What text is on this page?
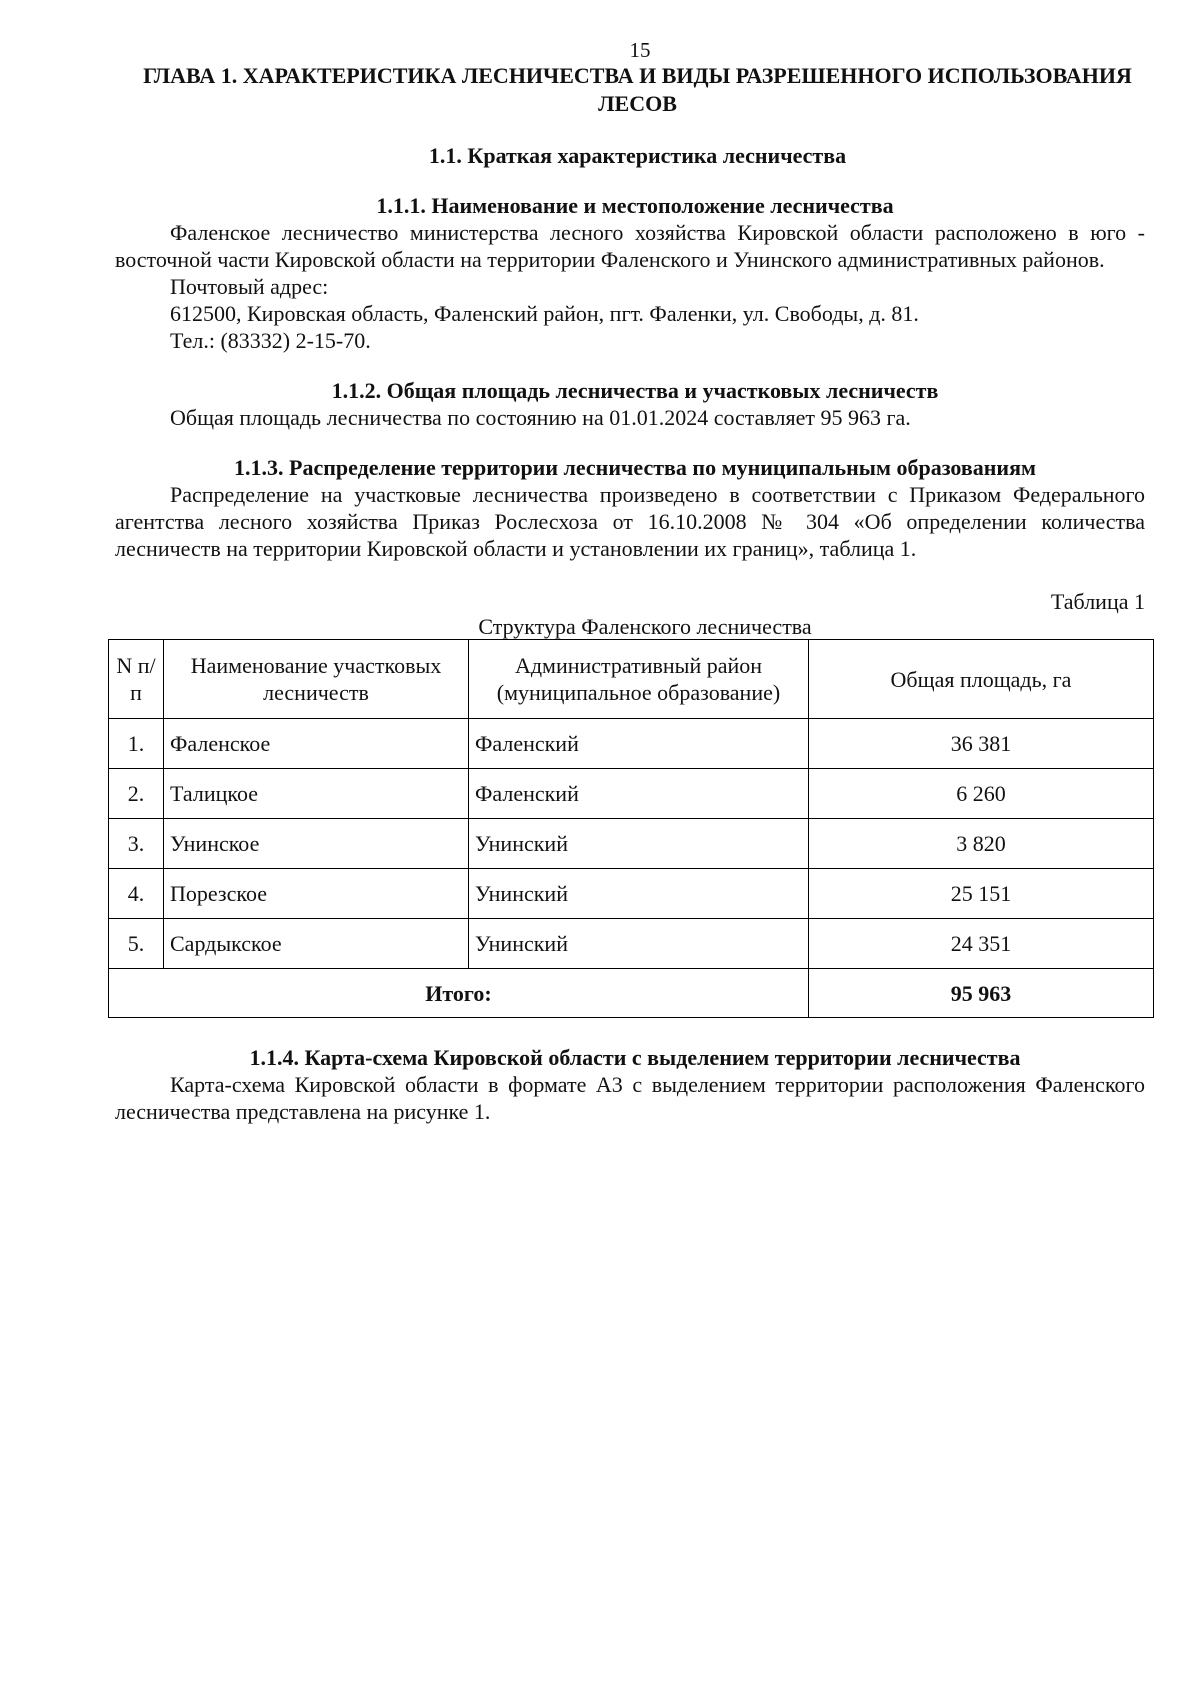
15
ГЛАВА 1. ХАРАКТЕРИСТИКА ЛЕСНИЧЕСТВА И ВИДЫ РАЗРЕШЕННОГО ИСПОЛЬЗОВАНИЯ ЛЕСОВ
1.1. Краткая характеристика лесничества
1.1.1. Наименование и местоположение лесничества
Фаленское лесничество министерства лесного хозяйства Кировской области расположено в юго - восточной части Кировской области на территории Фаленского и Унинского административных районов.
Почтовый адрес:
612500, Кировская область, Фаленский район, пгт. Фаленки, ул. Свободы, д. 81.
Тел.: (83332) 2-15-70.
1.1.2. Общая площадь лесничества и участковых лесничеств
Общая площадь лесничества по состоянию на 01.01.2024 составляет 95 963 га.
1.1.3. Распределение территории лесничества по муниципальным образованиям
Распределение на участковые лесничества произведено в соответствии с Приказом Федерального агентства лесного хозяйства Приказ Рослесхоза от 16.10.2008 № 304 «Об определении количества лесничеств на территории Кировской области и установлении их границ», таблица 1.
Таблица 1
Структура Фаленского лесничества
N п/п	Наименование участковых лесничеств	Административный район (муниципальное образование)	Общая площадь, га
1.	Фаленское	Фаленский	36 381
2.	Талицкое	Фаленский	6 260
3.	Унинское	Унинский	3 820
4.	Порезское	Унинский	25 151
5.	Сардыкское	Унинский	24 351
Итого:			95 963
1.1.4. Карта-схема Кировской области с выделением территории лесничества
Карта-схема Кировской области в формате А3 с выделением территории расположения Фаленского лесничества представлена на рисунке 1.
